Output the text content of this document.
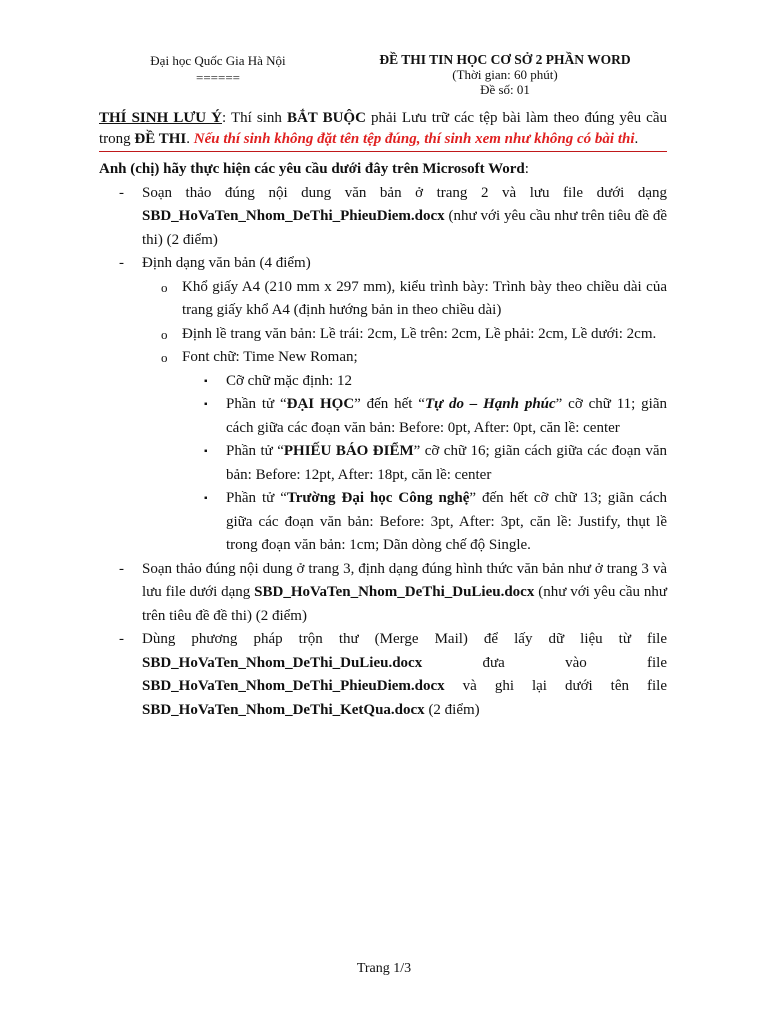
Đại học Quốc Gia Hà Nội
======
ĐỀ THI TIN HỌC CƠ SỞ 2 PHẦN WORD
(Thời gian: 60 phút)
Đề số: 01
THÍ SINH LƯU Ý: Thí sinh BẮT BUỘC phải Lưu trữ các tệp bài làm theo đúng yêu cầu trong ĐỀ THI. Nếu thí sinh không đặt tên tệp đúng, thí sinh xem như không có bài thi.
Anh (chị) hãy thực hiện các yêu cầu dưới đây trên Microsoft Word:
- Soạn thảo đúng nội dung văn bản ở trang 2 và lưu file dưới dạng SBD_HoVaTen_Nhom_DeThi_PhieuDiem.docx (như với yêu cầu như trên tiêu đề đề thi) (2 điểm)
- Định dạng văn bản (4 điểm)
o Khổ giấy A4 (210 mm x 297 mm), kiểu trình bày: Trình bày theo chiều dài của trang giấy khổ A4 (định hướng bản in theo chiều dài)
o Định lề trang văn bản: Lề trái: 2cm, Lề trên: 2cm, Lề phải: 2cm, Lề dưới: 2cm.
o Font chữ: Time New Roman;
▪ Cỡ chữ mặc định: 12
▪ Phần tử “ĐẠI HỌC” đến hết “Tự do – Hạnh phúc” cỡ chữ 11; giãn cách giữa các đoạn văn bản: Before: 0pt, After: 0pt, căn lề: center
▪ Phần tử “PHIẾU BÁO ĐIỂM” cỡ chữ 16; giãn cách giữa các đoạn văn bản: Before: 12pt, After: 18pt, căn lề: center
▪ Phần tử “Trường Đại học Công nghệ” đến hết cỡ chữ 13; giãn cách giữa các đoạn văn bản: Before: 3pt, After: 3pt, căn lề: Justify, thụt lề trong đoạn văn bản: 1cm; Dãn dòng chế độ Single.
- Soạn thảo đúng nội dung ở trang 3, định dạng đúng hình thức văn bản như ở trang 3 và lưu file dưới dạng SBD_HoVaTen_Nhom_DeThi_DuLieu.docx (như với yêu cầu như trên tiêu đề đề thi) (2 điểm)
- Dùng phương pháp trộn thư (Merge Mail) để lấy dữ liệu từ file
SBD_HoVaTen_Nhom_DeThi_DuLieu.docx	đưa	vào	file
SBD_HoVaTen_Nhom_DeThi_PhieuDiem.docx và ghi lại dưới tên file
SBD_HoVaTen_Nhom_DeThi_KetQua.docx (2 điểm)
Trang 1/3
